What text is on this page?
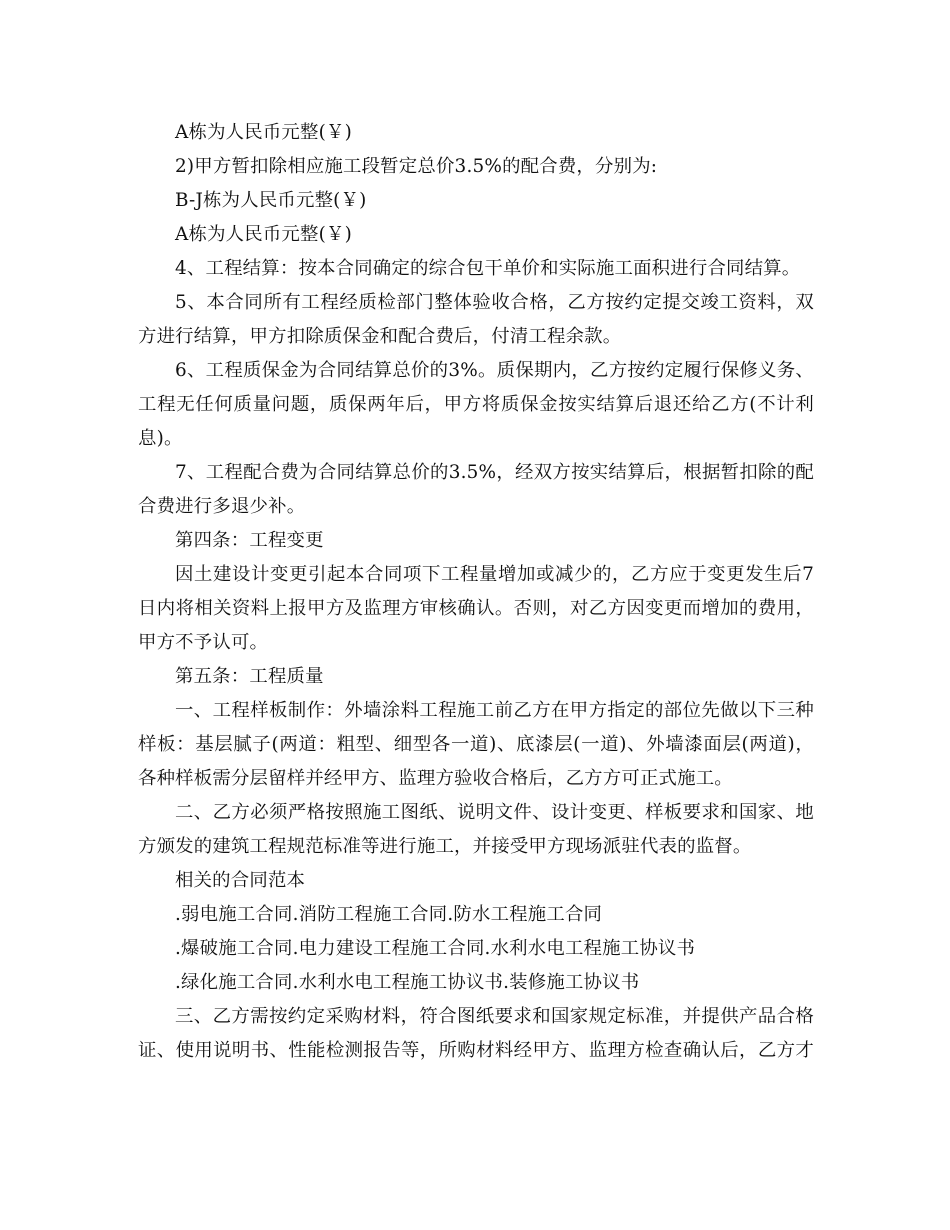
A栋为人民币元整(￥)
2)甲方暂扣除相应施工段暂定总价3.5%的配合费，分别为:
B-J栋为人民币元整(￥)
A栋为人民币元整(￥)
4、工程结算：按本合同确定的综合包干单价和实际施工面积进行合同结算。
5、本合同所有工程经质检部门整体验收合格，乙方按约定提交竣工资料，双
方进行结算，甲方扣除质保金和配合费后，付清工程余款。
6、工程质保金为合同结算总价的3%。质保期内，乙方按约定履行保修义务、
工程无任何质量问题，质保两年后，甲方将质保金按实结算后退还给乙方(不计利
息)。
7、工程配合费为合同结算总价的3.5%，经双方按实结算后，根据暂扣除的配
合费进行多退少补。
第四条：工程变更
因土建设计变更引起本合同项下工程量增加或减少的，乙方应于变更发生后7
日内将相关资料上报甲方及监理方审核确认。否则，对乙方因变更而增加的费用，
甲方不予认可。
第五条：工程质量
一、工程样板制作：外墙涂料工程施工前乙方在甲方指定的部位先做以下三种
样板：基层腻子(两道：粗型、细型各一道)、底漆层(一道)、外墙漆面层(两道)，
各种样板需分层留样并经甲方、监理方验收合格后，乙方方可正式施工。
二、乙方必须严格按照施工图纸、说明文件、设计变更、样板要求和国家、地
方颁发的建筑工程规范标准等进行施工，并接受甲方现场派驻代表的监督。
相关的合同范本
.弱电施工合同.消防工程施工合同.防水工程施工合同
.爆破施工合同.电力建设工程施工合同.水利水电工程施工协议书
.绿化施工合同.水利水电工程施工协议书.装修施工协议书
三、乙方需按约定采购材料，符合图纸要求和国家规定标准，并提供产品合格
证、使用说明书、性能检测报告等，所购材料经甲方、监理方检查确认后，乙方才
